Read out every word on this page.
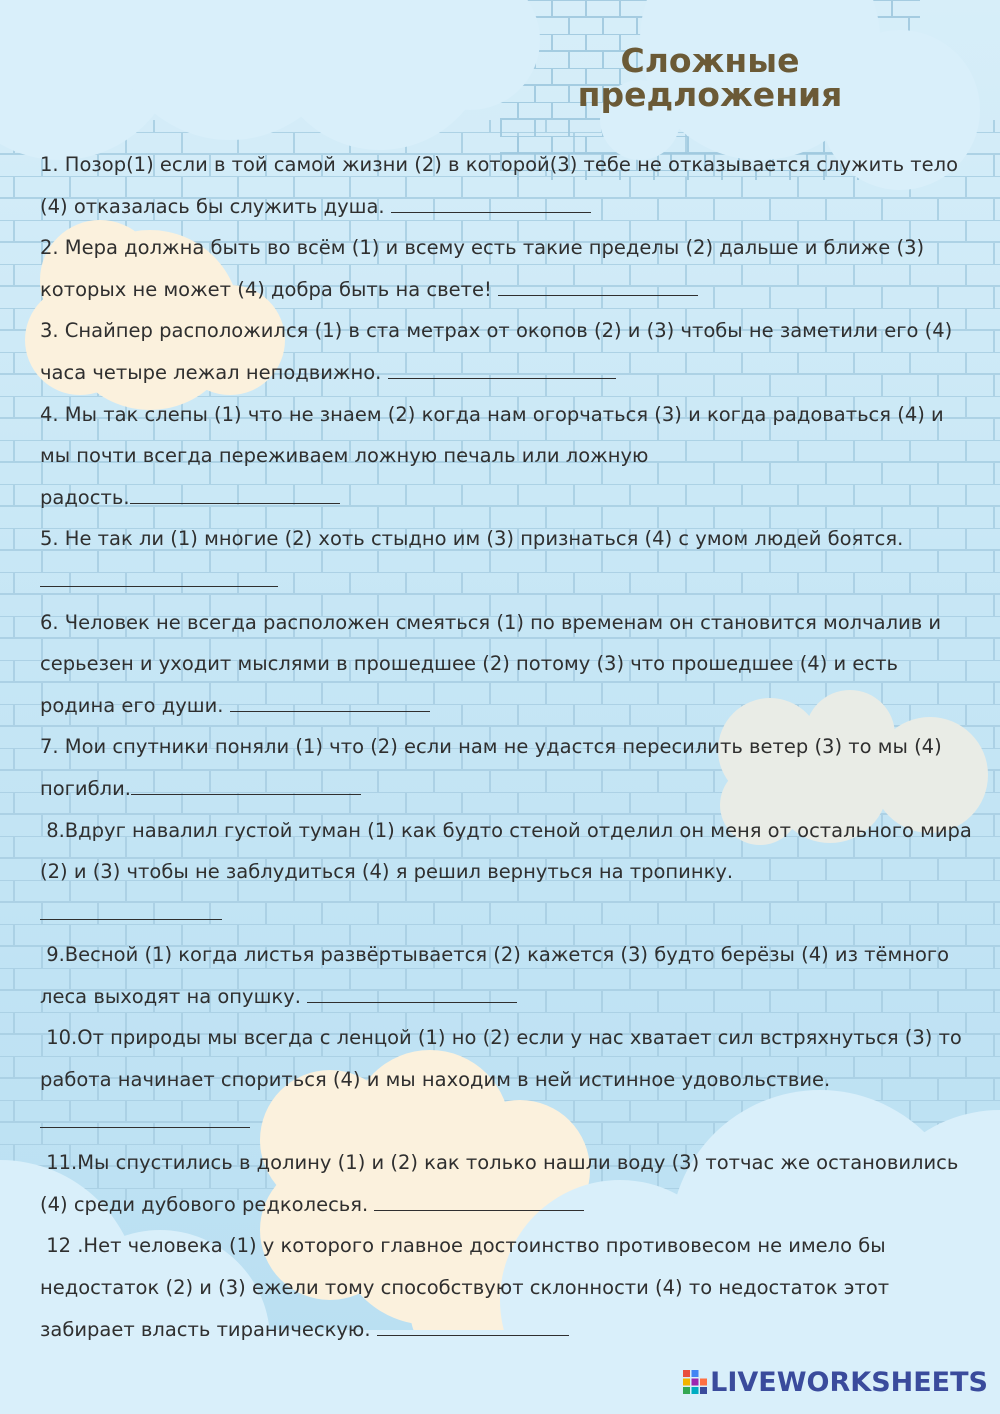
Сложные
предложения

1. Позор(1) если в той самой жизни (2) в которой(3) тебе не отказывается служить тело (4) отказалась бы служить душа.

2. Мера должна быть во всём (1) и всему есть такие пределы (2) дальше и ближе (3) которых не может (4) добра быть на свете!

3. Снайпер расположился (1) в ста метрах от окопов (2) и (3) чтобы не заметили его (4) часа четыре лежал неподвижно.

4. Мы так слепы (1) что не знаем (2) когда нам огорчаться (3) и когда радоваться (4) и мы почти всегда переживаем ложную печаль или ложную
радость.

5. Не так ли (1) многие (2) хоть стыдно им (3) признаться (4) с умом людей боятся.

6. Человек не всегда расположен смеяться (1) по временам он становится молчалив и серьезен и уходит мыслями в прошедшее (2) потому (3) что прошедшее (4) и есть родина его души.

7. Мои спутники поняли (1) что (2) если нам не удастся пересилить ветер (3) то мы (4) погибли.

8.Вдруг навалил густой туман (1) как будто стеной отделил он меня от остального мира (2) и (3) чтобы не заблудиться (4) я решил вернуться на тропинку.

9.Весной (1) когда листья развёртывается (2) кажется (3) будто берёзы (4) из тёмного леса выходят на опушку.

10.От природы мы всегда с ленцой (1) но (2) если у нас хватает сил встряхнуться (3) то работа начинает спориться (4) и мы находим в ней истинное удовольствие.

11.Мы спустились в долину (1) и (2) как только нашли воду (3) тотчас же остановились (4) среди дубового редколесья.

12 .Нет человека (1) у которого главное достоинство противовесом не имело бы недостаток (2) и (3) ежели тому способствуют склонности (4) то недостаток этот забирает власть тираническую.

LIVEWORKSHEETS
